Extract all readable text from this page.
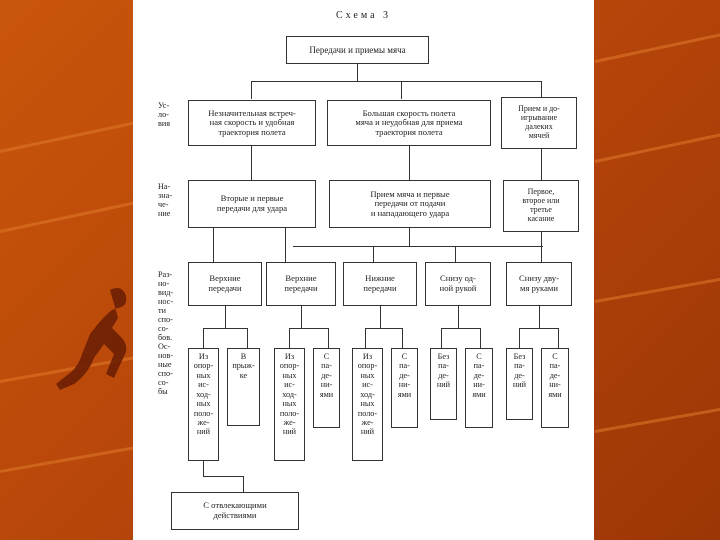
Схема 3
Передачи и приемы мяча
Ус-
ло-
вия
Незначительная встреч-
ная скорость и удобная
траектория полета
Большая скорость полета
мяча и неудобная для приема
траектория полета
Прием и до-
игрывание
далеких
мячей
На-
зна-
че-
ние
Вторые и первые
передачи для удара
Прием мяча и первые
передачи от подачи
и нападающего удара
Первое,
второе или
третье
касание
Раз-
но-
вид-
нос-
ти
спо-
со-
бов.
Ос-
нов-
ные
спо-
со-
бы
Верхние
передачи
Верхние
передачи
Нижние
передачи
Снизу од-
ной рукой
Снизу дву-
мя руками
Из
опор-
ных
ис-
ход-
ных
поло-
же-
ний
В
прыж-
ке
Из
опор-
ных
ис-
ход-
ных
поло-
же-
ний
С
па-
де-
ни-
ями
Из
опор-
ных
ис-
ход-
ных
поло-
же-
ний
С
па-
де-
ни-
ями
Без
па-
де-
ний
С
па-
де-
ни-
ями
Без
па-
де-
ний
С
па-
де-
ни-
ями
С отвлекающими
действиями
